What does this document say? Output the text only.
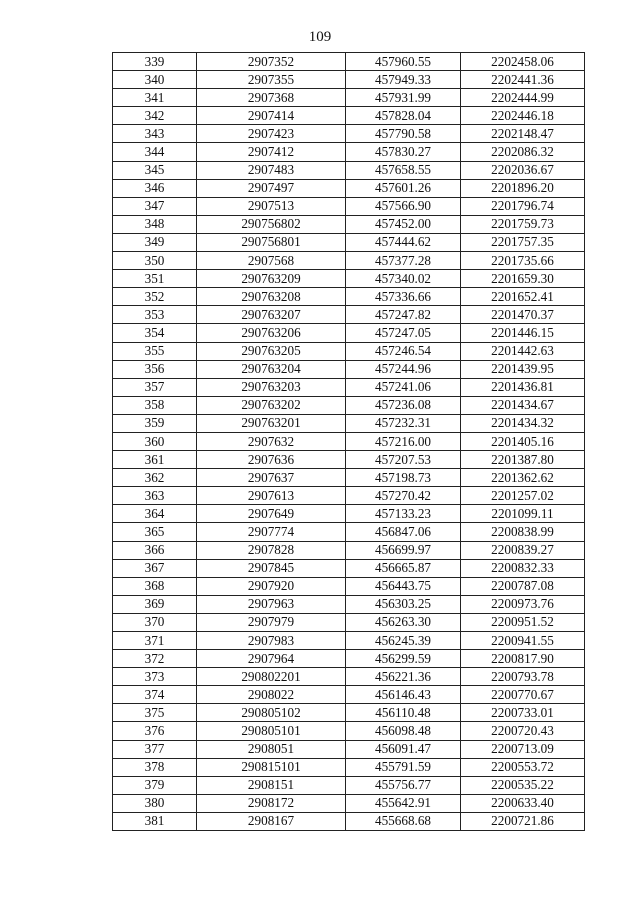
109
339	2907352	457960.55	2202458.06
340	2907355	457949.33	2202441.36
341	2907368	457931.99	2202444.99
342	2907414	457828.04	2202446.18
343	2907423	457790.58	2202148.47
344	2907412	457830.27	2202086.32
345	2907483	457658.55	2202036.67
346	2907497	457601.26	2201896.20
347	2907513	457566.90	2201796.74
348	290756802	457452.00	2201759.73
349	290756801	457444.62	2201757.35
350	2907568	457377.28	2201735.66
351	290763209	457340.02	2201659.30
352	290763208	457336.66	2201652.41
353	290763207	457247.82	2201470.37
354	290763206	457247.05	2201446.15
355	290763205	457246.54	2201442.63
356	290763204	457244.96	2201439.95
357	290763203	457241.06	2201436.81
358	290763202	457236.08	2201434.67
359	290763201	457232.31	2201434.32
360	2907632	457216.00	2201405.16
361	2907636	457207.53	2201387.80
362	2907637	457198.73	2201362.62
363	2907613	457270.42	2201257.02
364	2907649	457133.23	2201099.11
365	2907774	456847.06	2200838.99
366	2907828	456699.97	2200839.27
367	2907845	456665.87	2200832.33
368	2907920	456443.75	2200787.08
369	2907963	456303.25	2200973.76
370	2907979	456263.30	2200951.52
371	2907983	456245.39	2200941.55
372	2907964	456299.59	2200817.90
373	290802201	456221.36	2200793.78
374	2908022	456146.43	2200770.67
375	290805102	456110.48	2200733.01
376	290805101	456098.48	2200720.43
377	2908051	456091.47	2200713.09
378	290815101	455791.59	2200553.72
379	2908151	455756.77	2200535.22
380	2908172	455642.91	2200633.40
381	2908167	455668.68	2200721.86
